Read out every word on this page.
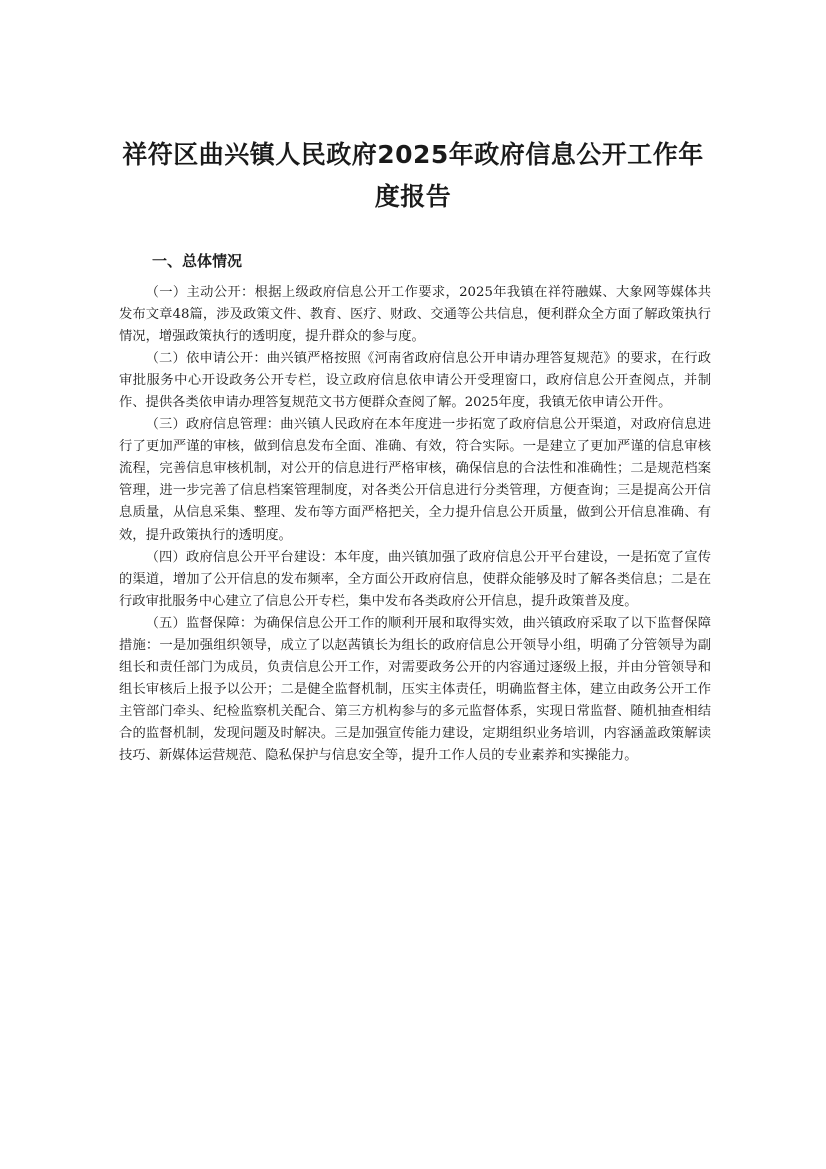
祥符区曲兴镇人民政府2025年政府信息公开工作年度报告
一、总体情况

（一）主动公开：根据上级政府信息公开工作要求，2025年我镇在祥符融媒、大象网等媒体共发布文章48篇，涉及政策文件、教育、医疗、财政、交通等公共信息，便利群众全方面了解政策执行情况，增强政策执行的透明度，提升群众的参与度。

（二）依申请公开：曲兴镇严格按照《河南省政府信息公开申请办理答复规范》的要求，在行政审批服务中心开设政务公开专栏，设立政府信息依申请公开受理窗口，政府信息公开查阅点，并制作、提供各类依申请办理答复规范文书方便群众查阅了解。2025年度，我镇无依申请公开件。

（三）政府信息管理：曲兴镇人民政府在本年度进一步拓宽了政府信息公开渠道，对政府信息进行了更加严谨的审核，做到信息发布全面、准确、有效，符合实际。一是建立了更加严谨的信息审核流程，完善信息审核机制，对公开的信息进行严格审核，确保信息的合法性和准确性；二是规范档案管理，进一步完善了信息档案管理制度，对各类公开信息进行分类管理，方便查询；三是提高公开信息质量，从信息采集、整理、发布等方面严格把关，全力提升信息公开质量，做到公开信息准确、有效，提升政策执行的透明度。

（四）政府信息公开平台建设：本年度，曲兴镇加强了政府信息公开平台建设，一是拓宽了宣传的渠道，增加了公开信息的发布频率，全方面公开政府信息，使群众能够及时了解各类信息；二是在行政审批服务中心建立了信息公开专栏，集中发布各类政府公开信息，提升政策普及度。

（五）监督保障：为确保信息公开工作的顺利开展和取得实效，曲兴镇政府采取了以下监督保障措施：一是加强组织领导，成立了以赵茜镇长为组长的政府信息公开领导小组，明确了分管领导为副组长和责任部门为成员，负责信息公开工作，对需要政务公开的内容通过逐级上报，并由分管领导和组长审核后上报予以公开；二是健全监督机制，压实主体责任，明确监督主体，建立由政务公开工作主管部门牵头、纪检监察机关配合、第三方机构参与的多元监督体系，实现日常监督、随机抽查相结合的监督机制，发现问题及时解决。三是加强宣传能力建设，定期组织业务培训，内容涵盖政策解读技巧、新媒体运营规范、隐私保护与信息安全等，提升工作人员的专业素养和实操能力。
